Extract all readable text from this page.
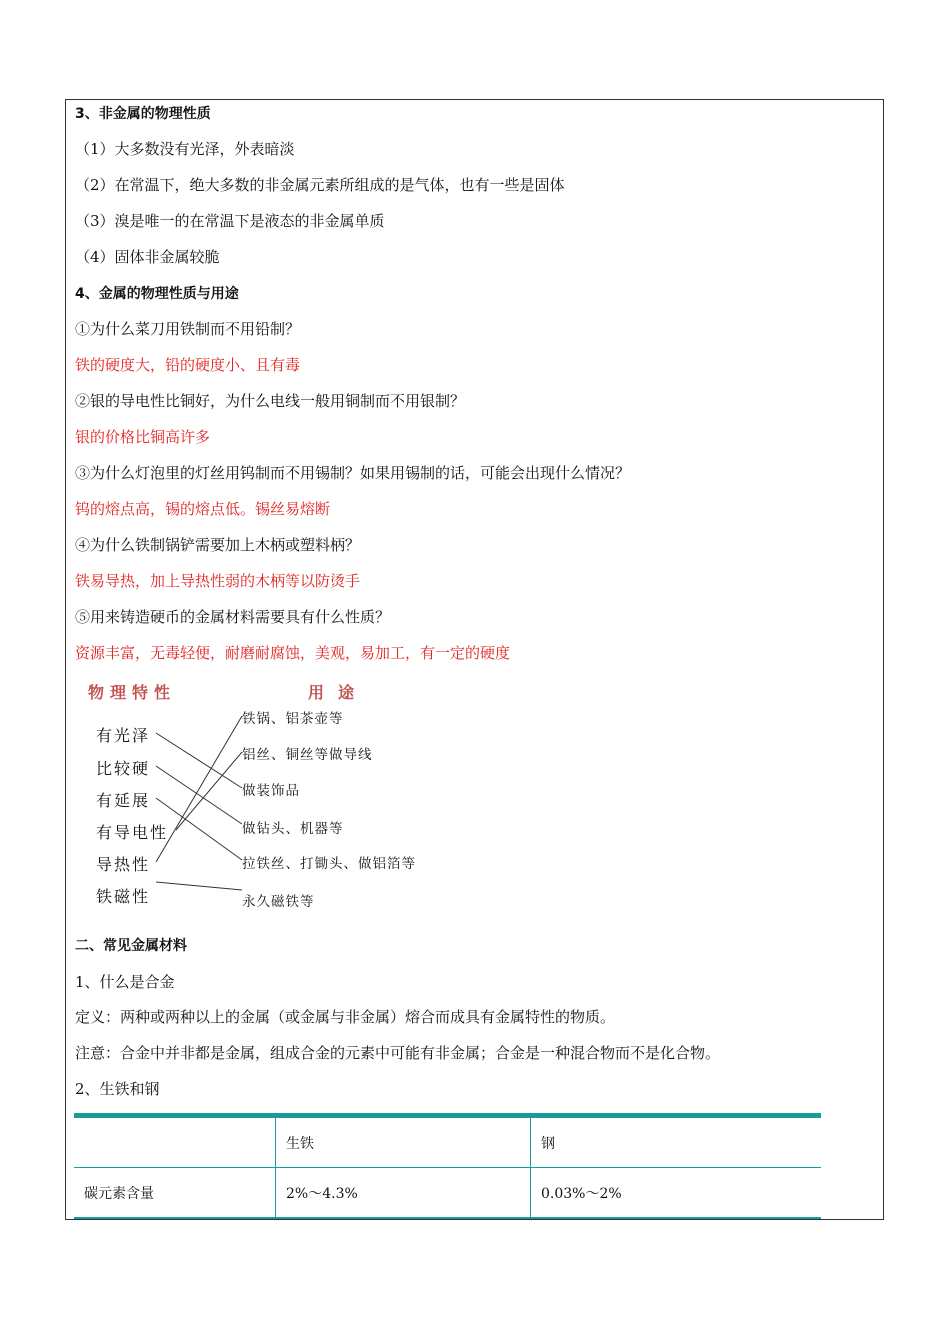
3、非金属的物理性质
（1）大多数没有光泽，外表暗淡
（2）在常温下，绝大多数的非金属元素所组成的是气体，也有一些是固体
（3）溴是唯一的在常温下是液态的非金属单质
（4）固体非金属较脆
4、金属的物理性质与用途
①为什么菜刀用铁制而不用铅制？
铁的硬度大，铅的硬度小、且有毒
②银的导电性比铜好，为什么电线一般用铜制而不用银制？
银的价格比铜高许多
③为什么灯泡里的灯丝用钨制而不用锡制？如果用锡制的话，可能会出现什么情况？
钨的熔点高，锡的熔点低。锡丝易熔断
④为什么铁制锅铲需要加上木柄或塑料柄？
铁易导热，加上导热性弱的木柄等以防烫手
⑤用来铸造硬币的金属材料需要具有什么性质？
资源丰富，无毒轻便，耐磨耐腐蚀，美观，易加工，有一定的硬度
物理特性	用途
有光泽
比较硬
有延展
有导电性
导热性
铁磁性
铁锅、铝茶壶等
铝丝、铜丝等做导线
做装饰品
做钻头、机器等
拉铁丝、打锄头、做铝箔等
永久磁铁等
二、常见金属材料
1、什么是合金
定义：两种或两种以上的金属（或金属与非金属）熔合而成具有金属特性的物质。
注意：合金中并非都是金属，组成合金的元素中可能有非金属；合金是一种混合物而不是化合物。
2、生铁和钢
	生铁	钢
碳元素含量	2%～4.3%	0.03%～2%
